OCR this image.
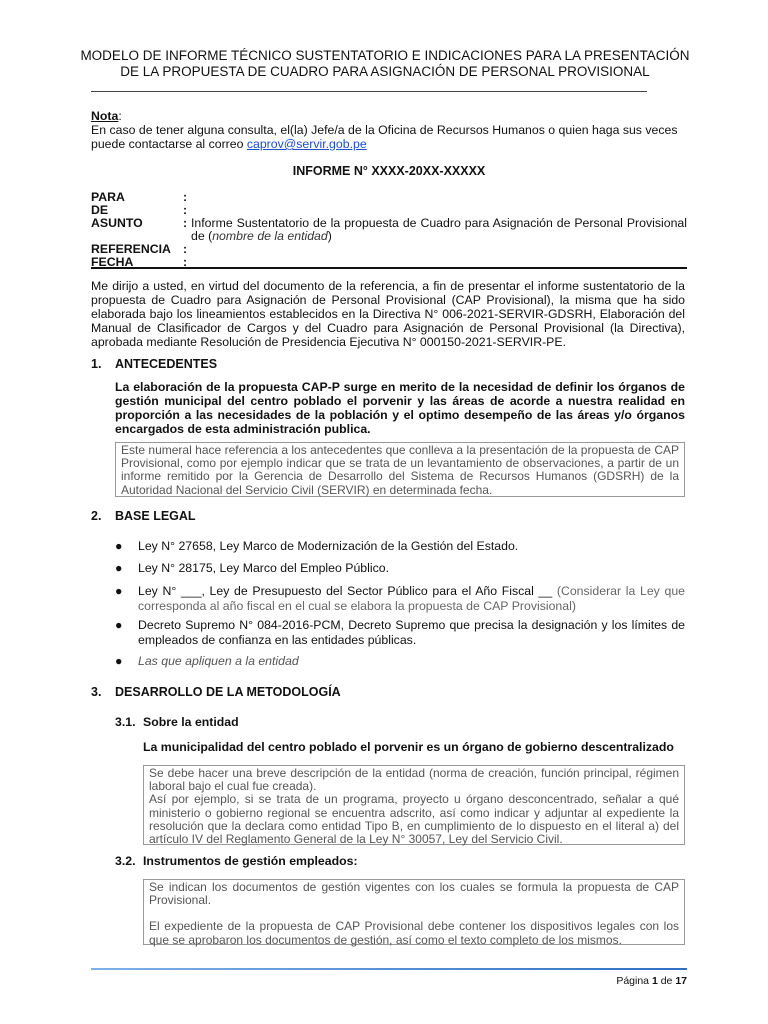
MODELO DE INFORME TÉCNICO SUSTENTATORIO E INDICACIONES PARA LA PRESENTACIÓN
DE LA PROPUESTA DE CUADRO PARA ASIGNACIÓN DE PERSONAL PROVISIONAL
Nota:
En caso de tener alguna consulta, el(la) Jefe/a de la Oficina de Recursos Humanos o quien haga sus veces puede contactarse al correo caprov@servir.gob.pe
INFORME N° XXXX-20XX-XXXXX
PARA	:
DE	:
ASUNTO	: Informe Sustentatorio de la propuesta de Cuadro para Asignación de Personal Provisional de (nombre de la entidad)
REFERENCIA :
FECHA	:
Me dirijo a usted, en virtud del documento de la referencia, a fin de presentar el informe sustentatorio de la propuesta de Cuadro para Asignación de Personal Provisional (CAP Provisional), la misma que ha sido elaborada bajo los lineamientos establecidos en la Directiva N° 006-2021-SERVIR-GDSRH, Elaboración del Manual de Clasificador de Cargos y del Cuadro para Asignación de Personal Provisional (la Directiva), aprobada mediante Resolución de Presidencia Ejecutiva N° 000150-2021-SERVIR-PE.
1. ANTECEDENTES
La elaboración de la propuesta CAP-P surge en merito de la necesidad de definir los órganos de gestión municipal del centro poblado el porvenir y las áreas de acorde a nuestra realidad en proporción a las necesidades de la población y el optimo desempeño de las áreas y/o órganos encargados de esta administración publica.
Este numeral hace referencia a los antecedentes que conlleva a la presentación de la propuesta de CAP Provisional, como por ejemplo indicar que se trata de un levantamiento de observaciones, a partir de un informe remitido por la Gerencia de Desarrollo del Sistema de Recursos Humanos (GDSRH) de la Autoridad Nacional del Servicio Civil (SERVIR) en determinada fecha.
2. BASE LEGAL
● Ley N° 27658, Ley Marco de Modernización de la Gestión del Estado.
● Ley N° 28175, Ley Marco del Empleo Público.
● Ley N° ___, Ley de Presupuesto del Sector Público para el Año Fiscal __ (Considerar la Ley que corresponda al año fiscal en el cual se elabora la propuesta de CAP Provisional)
● Decreto Supremo N° 084-2016-PCM, Decreto Supremo que precisa la designación y los límites de empleados de confianza en las entidades públicas.
● Las que apliquen a la entidad
3. DESARROLLO DE LA METODOLOGÍA
3.1. Sobre la entidad
La municipalidad del centro poblado el porvenir es un órgano de gobierno descentralizado
Se debe hacer una breve descripción de la entidad (norma de creación, función principal, régimen laboral bajo el cual fue creada).
Así por ejemplo, si se trata de un programa, proyecto u órgano desconcentrado, señalar a qué ministerio o gobierno regional se encuentra adscrito, así como indicar y adjuntar al expediente la resolución que la declara como entidad Tipo B, en cumplimiento de lo dispuesto en el literal a) del artículo IV del Reglamento General de la Ley N° 30057, Ley del Servicio Civil.
3.2. Instrumentos de gestión empleados:
Se indican los documentos de gestión vigentes con los cuales se formula la propuesta de CAP Provisional.
El expediente de la propuesta de CAP Provisional debe contener los dispositivos legales con los que se aprobaron los documentos de gestión, así como el texto completo de los mismos.
Página 1 de 17
